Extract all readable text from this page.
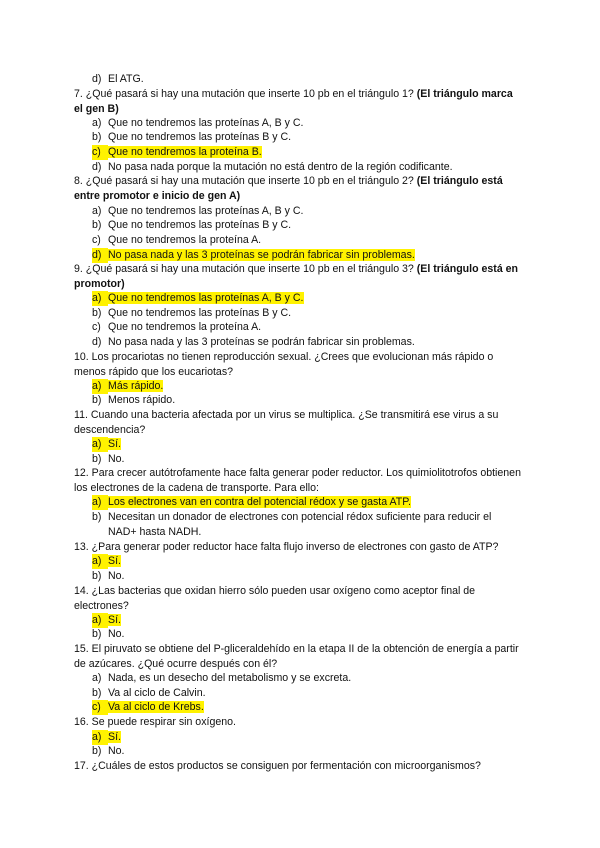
d) El ATG.

7. ¿Qué pasará si hay una mutación que inserte 10 pb en el triángulo 1? (El triángulo marca el gen B)

a) Que no tendremos las proteínas A, B y C.
b) Que no tendremos las proteínas B y C.
c) Que no tendremos la proteína B.
d) No pasa nada porque la mutación no está dentro de la región codificante.

8. ¿Qué pasará si hay una mutación que inserte 10 pb en el triángulo 2? (El triángulo está entre promotor e inicio de gen A)

a) Que no tendremos las proteínas A, B y C.
b) Que no tendremos las proteínas B y C.
c) Que no tendremos la proteína A.
d) No pasa nada y las 3 proteínas se podrán fabricar sin problemas.

9. ¿Qué pasará si hay una mutación que inserte 10 pb en el triángulo 3? (El triángulo está en promotor)

a) Que no tendremos las proteínas A, B y C.
b) Que no tendremos las proteínas B y C.
c) Que no tendremos la proteína A.
d) No pasa nada y las 3 proteínas se podrán fabricar sin problemas.

10. Los procariotas no tienen reproducción sexual. ¿Crees que evolucionan más rápido o menos rápido que los eucariotas?

a) Más rápido.
b) Menos rápido.

11. Cuando una bacteria afectada por un virus se multiplica. ¿Se transmitirá ese virus a su descendencia?

a) Sí.
b) No.

12. Para crecer autótrofamente hace falta generar poder reductor. Los quimiolitotrofos obtienen los electrones de la cadena de transporte. Para ello:

a) Los electrones van en contra del potencial rédox y se gasta ATP.
b) Necesitan un donador de electrones con potencial rédox suficiente para reducir el NAD+ hasta NADH.

13. ¿Para generar poder reductor hace falta flujo inverso de electrones con gasto de ATP?

a) Sí.
b) No.

14. ¿Las bacterias que oxidan hierro sólo pueden usar oxígeno como aceptor final de electrones?

a) Sí.
b) No.

15. El piruvato se obtiene del P-gliceraldehído en la etapa II de la obtención de energía a partir de azúcares. ¿Qué ocurre después con él?

a) Nada, es un desecho del metabolismo y se excreta.
b) Va al ciclo de Calvin.
c) Va al ciclo de Krebs.

16. Se puede respirar sin oxígeno.

a) Sí.
b) No.

17. ¿Cuáles de estos productos se consiguen por fermentación con microorganismos?
